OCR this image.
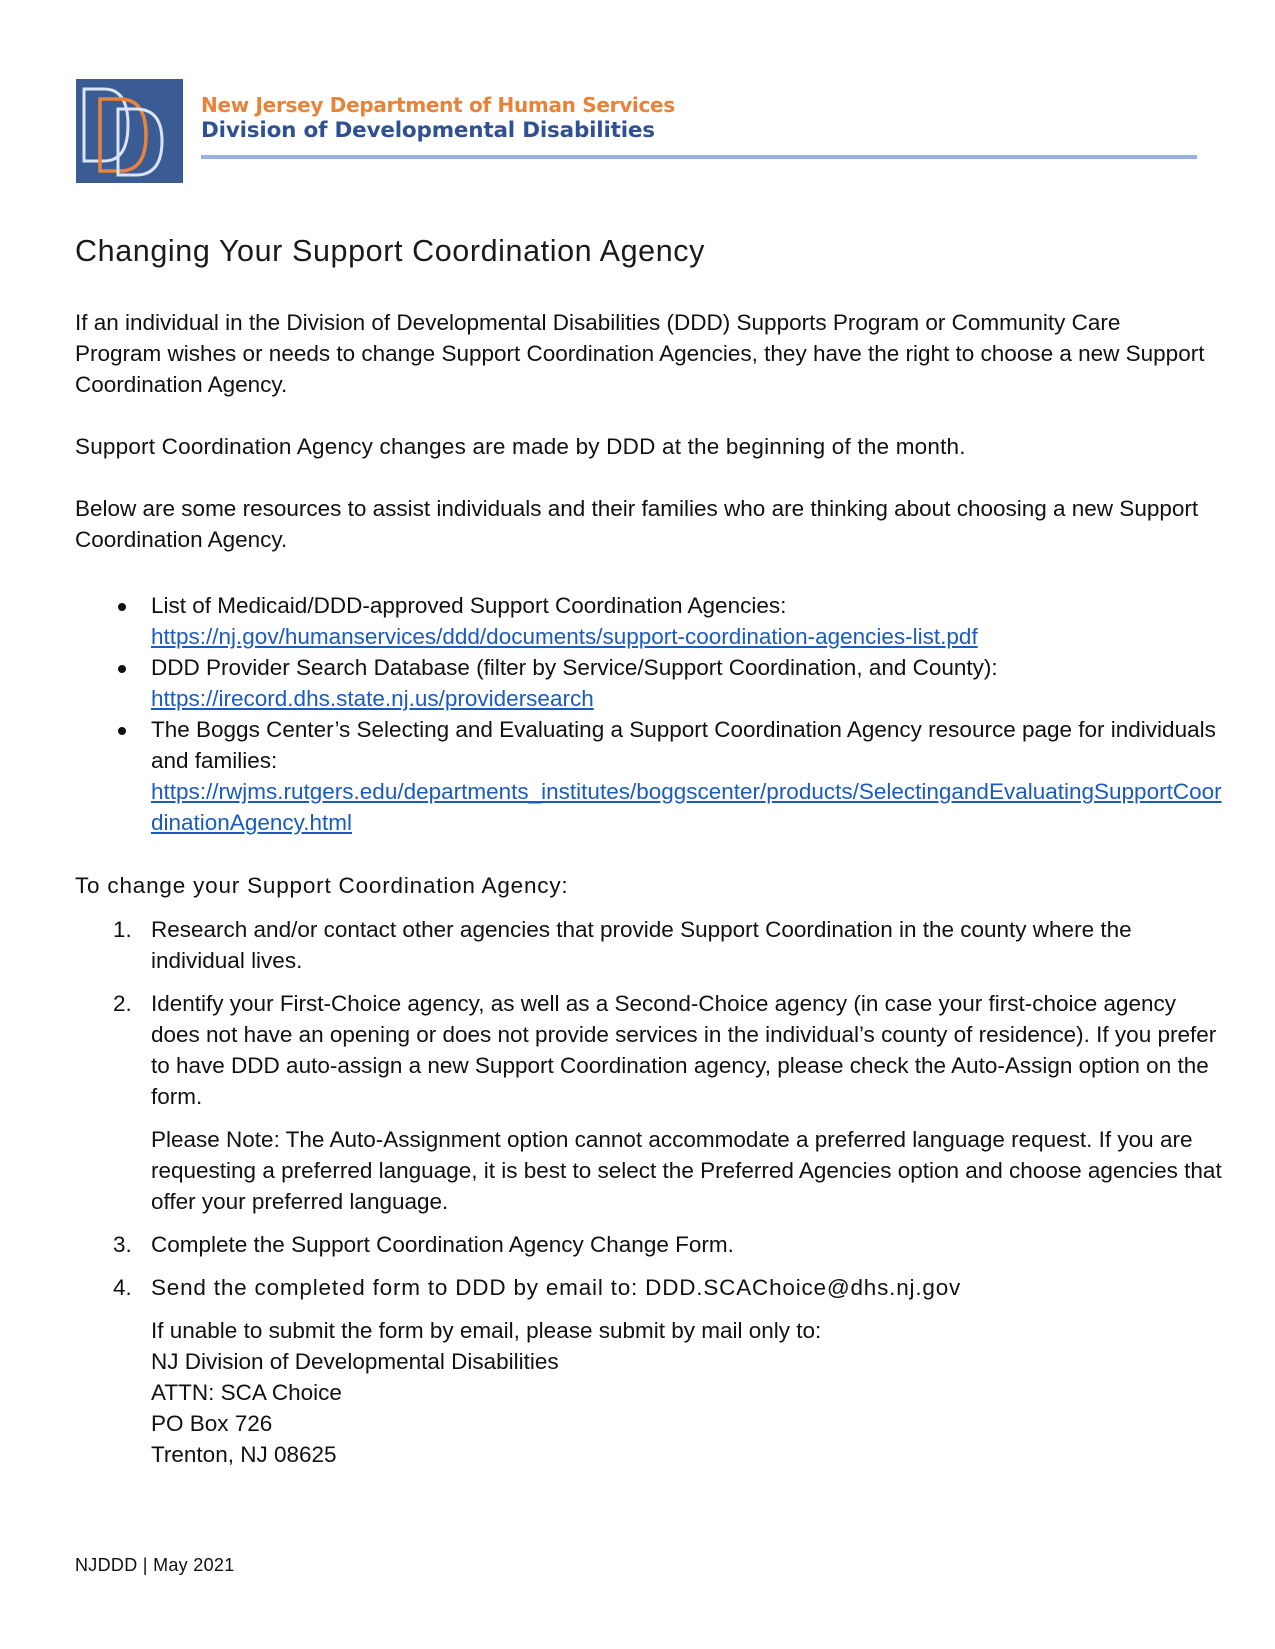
New Jersey Department of Human Services
Division of Developmental Disabilities
Changing Your Support Coordination Agency

If an individual in the Division of Developmental Disabilities (DDD) Supports Program or Community Care Program wishes or needs to change Support Coordination Agencies, they have the right to choose a new Support Coordination Agency.

Support Coordination Agency changes are made by DDD at the beginning of the month.

Below are some resources to assist individuals and their families who are thinking about choosing a new Support Coordination Agency.

List of Medicaid/DDD-approved Support Coordination Agencies:
https://nj.gov/humanservices/ddd/documents/support-coordination-agencies-list.pdf
DDD Provider Search Database (filter by Service/Support Coordination, and County):
https://irecord.dhs.state.nj.us/providersearch
The Boggs Center’s Selecting and Evaluating a Support Coordination Agency resource page for individuals and families:
https://rwjms.rutgers.edu/departments_institutes/boggscenter/products/SelectingandEvaluatingSupportCoordinationAgency.html

To change your Support Coordination Agency:

1. Research and/or contact other agencies that provide Support Coordination in the county where the individual lives.
2. Identify your First-Choice agency, as well as a Second-Choice agency (in case your first-choice agency does not have an opening or does not provide services in the individual’s county of residence). If you prefer to have DDD auto-assign a new Support Coordination agency, please check the Auto-Assign option on the form.
Please Note: The Auto-Assignment option cannot accommodate a preferred language request. If you are requesting a preferred language, it is best to select the Preferred Agencies option and choose agencies that offer your preferred language.
3. Complete the Support Coordination Agency Change Form.
4. Send the completed form to DDD by email to: DDD.SCAChoice@dhs.nj.gov
If unable to submit the form by email, please submit by mail only to:
NJ Division of Developmental Disabilities
ATTN: SCA Choice
PO Box 726
Trenton, NJ 08625
NJDDD | May 2021
